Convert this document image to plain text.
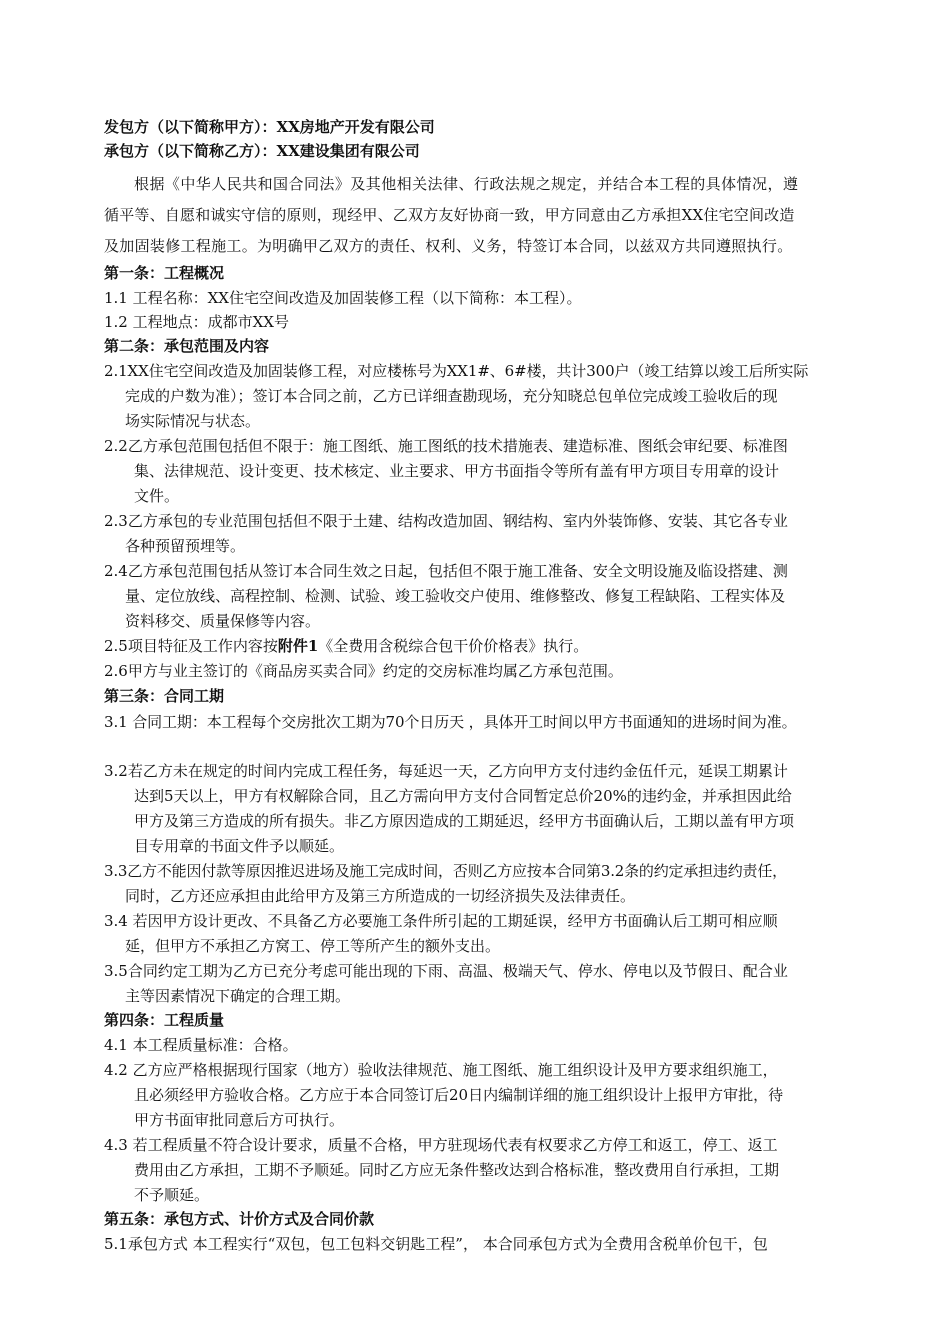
发包方（以下简称甲方）：XX房地产开发有限公司
承包方（以下简称乙方）：XX建设集团有限公司
根据《中华人民共和国合同法》及其他相关法律、行政法规之规定，并结合本工程的具体情况，遵
循平等、自愿和诚实守信的原则，现经甲、乙双方友好协商一致，甲方同意由乙方承担XX住宅空间改造
及加固装修工程施工。为明确甲乙双方的责任、权利、义务，特签订本合同，以兹双方共同遵照执行。
第一条：工程概况
1.1 工程名称：XX住宅空间改造及加固装修工程（以下简称：本工程）。
1.2 工程地点：成都市XX号
第二条：承包范围及内容
2.1XX住宅空间改造及加固装修工程，对应楼栋号为XX1#、6#楼，共计300户（竣工结算以竣工后所实际
完成的户数为准）；签订本合同之前，乙方已详细查勘现场，充分知晓总包单位完成竣工验收后的现
场实际情况与状态。
2.2乙方承包范围包括但不限于：施工图纸、施工图纸的技术措施表、建造标准、图纸会审纪要、标准图
集、法律规范、设计变更、技术核定、业主要求、甲方书面指令等所有盖有甲方项目专用章的设计
文件。
2.3乙方承包的专业范围包括但不限于土建、结构改造加固、钢结构、室内外装饰修、安装、其它各专业
各种预留预埋等。
2.4乙方承包范围包括从签订本合同生效之日起，包括但不限于施工准备、安全文明设施及临设搭建、测
量、定位放线、高程控制、检测、试验、竣工验收交户使用、维修整改、修复工程缺陷、工程实体及
资料移交、质量保修等内容。
2.5项目特征及工作内容按附件1《全费用含税综合包干价价格表》执行。
2.6甲方与业主签订的《商品房买卖合同》约定的交房标准均属乙方承包范围。
第三条：合同工期
3.1 合同工期：本工程每个交房批次工期为70个日历天 ，具体开工时间以甲方书面通知的进场时间为准。
3.2若乙方未在规定的时间内完成工程任务，每延迟一天，乙方向甲方支付违约金伍仟元，延误工期累计
达到5天以上，甲方有权解除合同，且乙方需向甲方支付合同暂定总价20%的违约金，并承担因此给
甲方及第三方造成的所有损失。非乙方原因造成的工期延迟，经甲方书面确认后，工期以盖有甲方项
目专用章的书面文件予以顺延。
3.3乙方不能因付款等原因推迟进场及施工完成时间，否则乙方应按本合同第3.2条的约定承担违约责任，
同时，乙方还应承担由此给甲方及第三方所造成的一切经济损失及法律责任。
3.4 若因甲方设计更改、不具备乙方必要施工条件所引起的工期延误，经甲方书面确认后工期可相应顺
延，但甲方不承担乙方窝工、停工等所产生的额外支出。
3.5合同约定工期为乙方已充分考虑可能出现的下雨、高温、极端天气、停水、停电以及节假日、配合业
主等因素情况下确定的合理工期。
第四条：工程质量
4.1 本工程质量标准：合格。
4.2 乙方应严格根据现行国家（地方）验收法律规范、施工图纸、施工组织设计及甲方要求组织施工，
且必须经甲方验收合格。乙方应于本合同签订后20日内编制详细的施工组织设计上报甲方审批，待
甲方书面审批同意后方可执行。
4.3 若工程质量不符合设计要求，质量不合格，甲方驻现场代表有权要求乙方停工和返工，停工、返工
费用由乙方承担，工期不予顺延。同时乙方应无条件整改达到合格标准，整改费用自行承担，工期
不予顺延。
第五条：承包方式、计价方式及合同价款
5.1承包方式 本工程实行“双包，包工包料交钥匙工程”， 本合同承包方式为全费用含税单价包干，包
